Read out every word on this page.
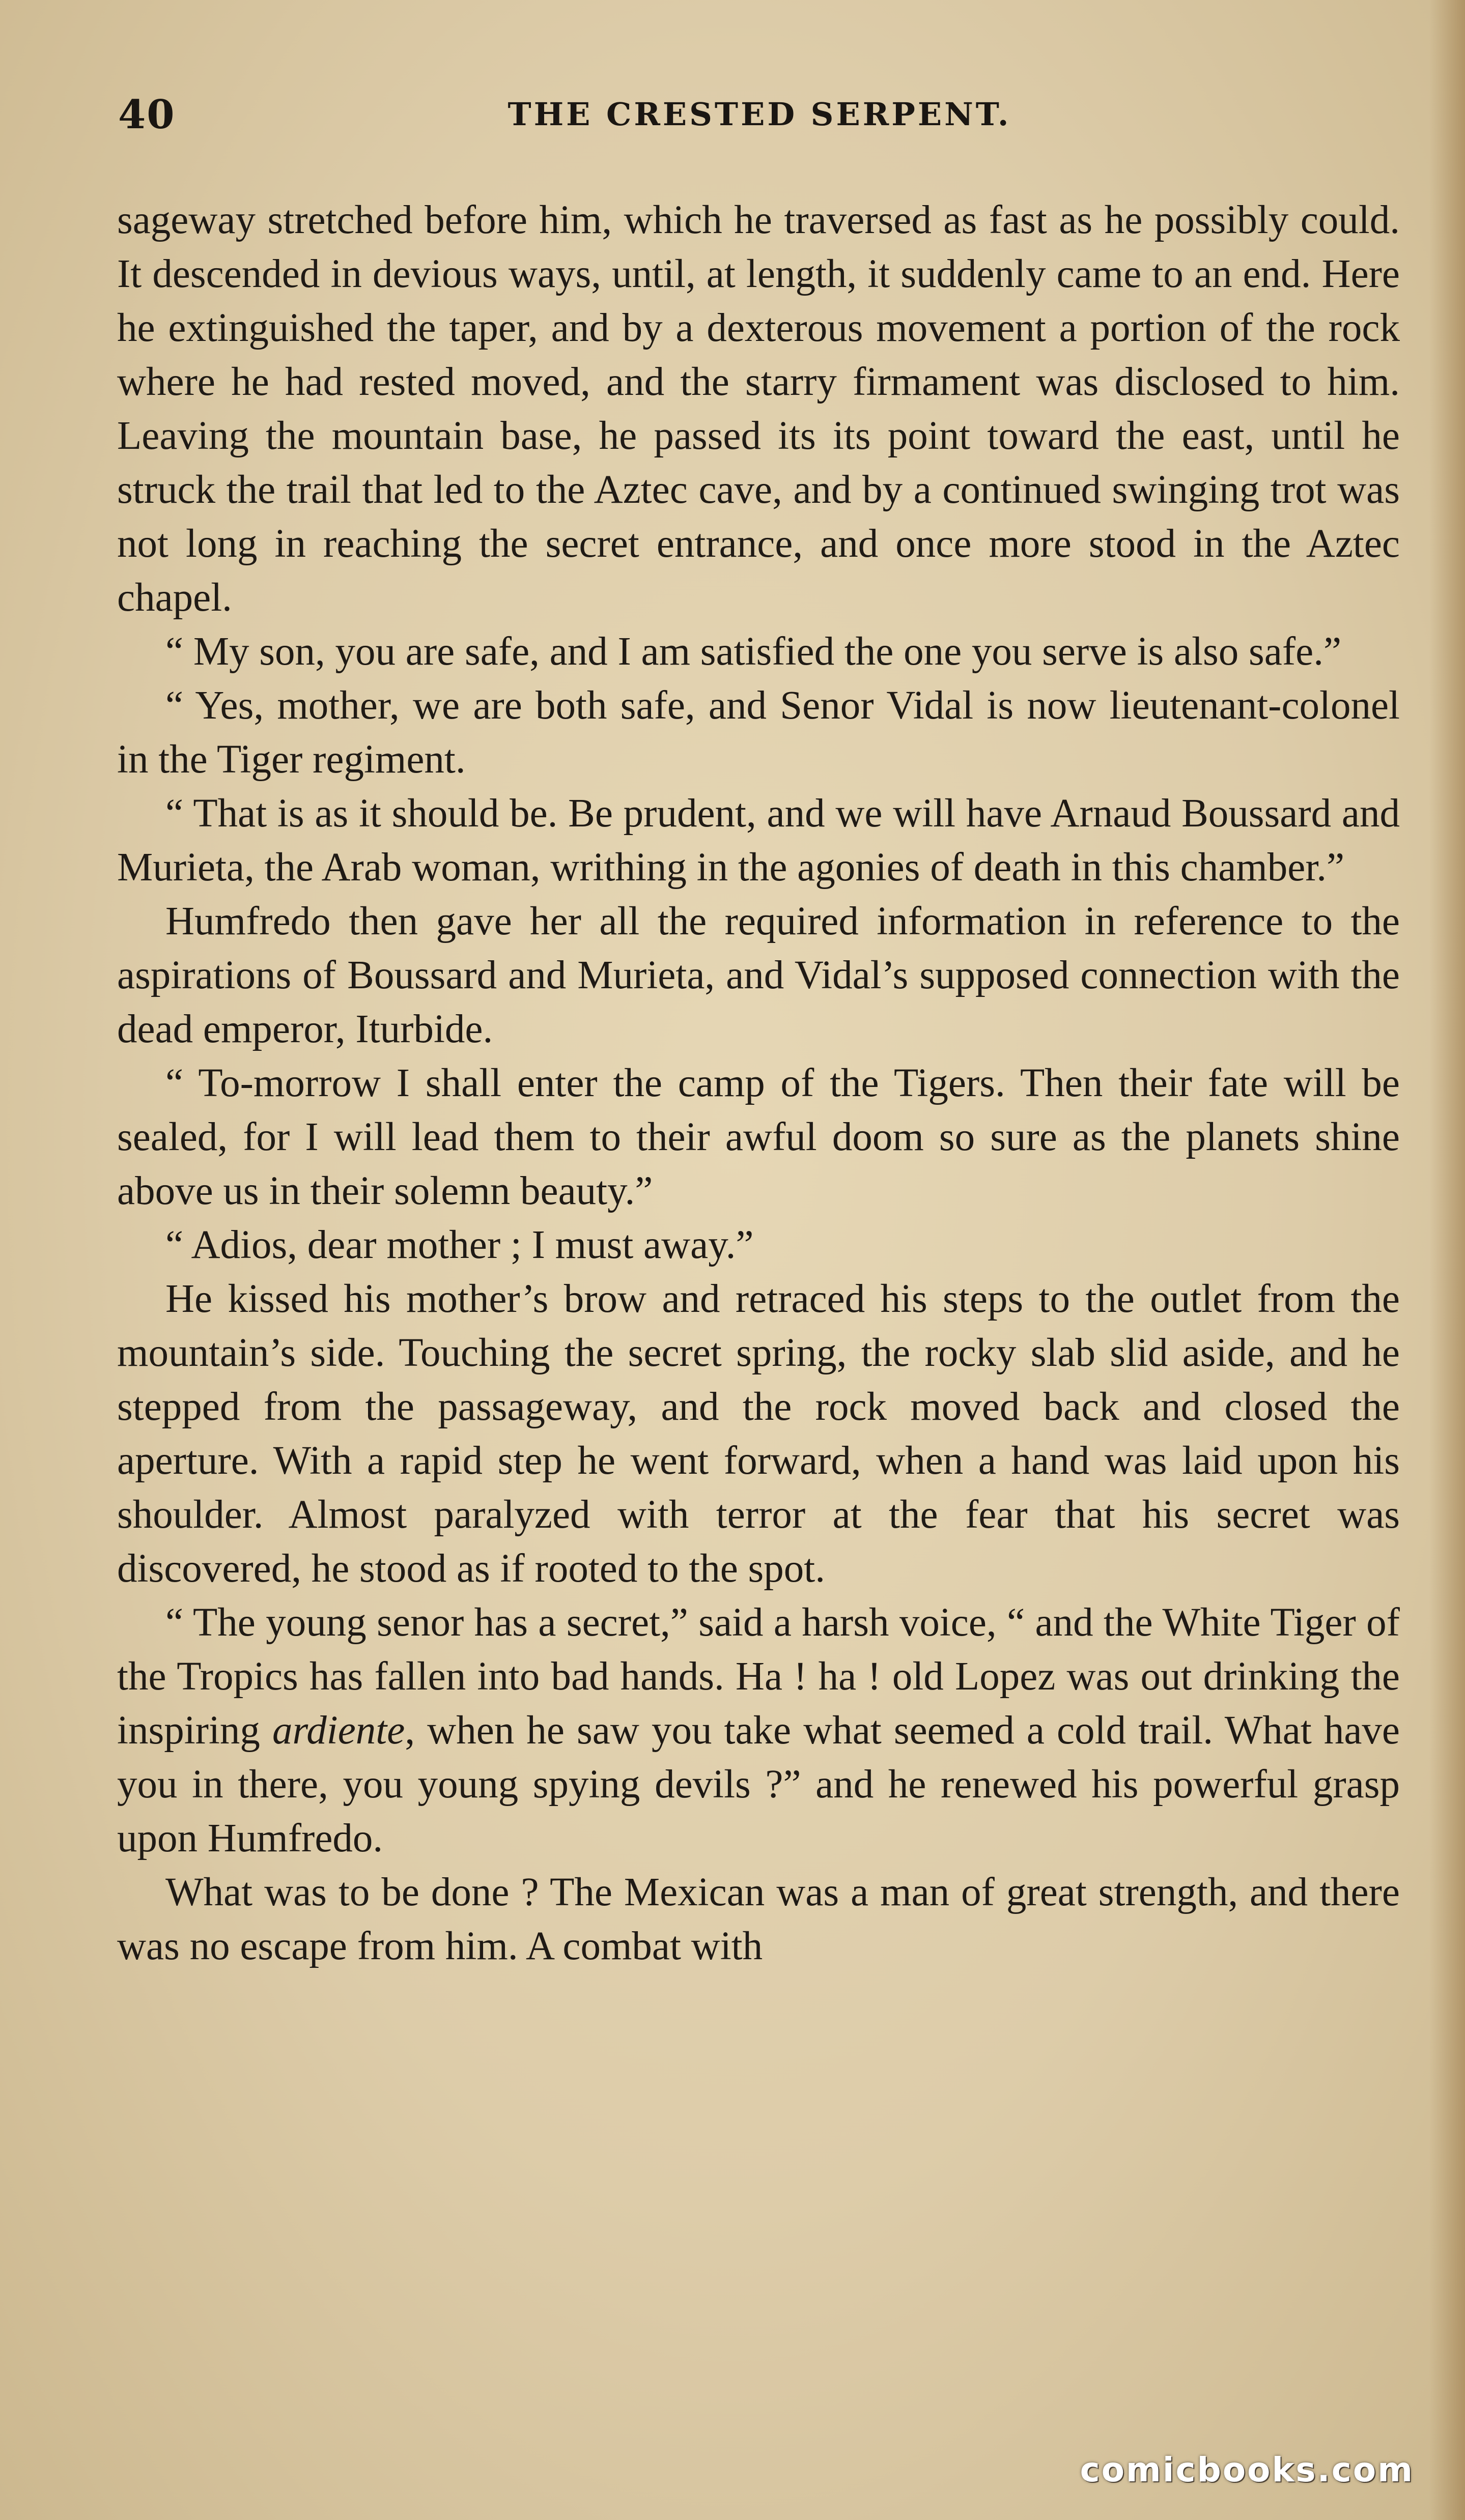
40	THE CRESTED SERPENT.

sageway stretched before him, which he traversed as fast as he possibly could. It descended in devious ways, until, at length, it suddenly came to an end. Here he extinguished the taper, and by a dexterous movement a portion of the rock where he had rested moved, and the starry firmament was disclosed to him. Leaving the mountain base, he passed its its point toward the east, until he struck the trail that led to the Aztec cave, and by a continued swinging trot was not long in reaching the secret entrance, and once more stood in the Aztec chapel.

“ My son, you are safe, and I am satisfied the one you serve is also safe.”

“ Yes, mother, we are both safe, and Senor Vidal is now lieutenant-colonel in the Tiger regiment.

“ That is as it should be. Be prudent, and we will have Arnaud Boussard and Murieta, the Arab woman, writhing in the agonies of death in this chamber.”

Humfredo then gave her all the required information in reference to the aspirations of Boussard and Murieta, and Vidal’s supposed connection with the dead emperor, Iturbide.

“ To-morrow I shall enter the camp of the Tigers. Then their fate will be sealed, for I will lead them to their awful doom so sure as the planets shine above us in their solemn beauty.”

“ Adios, dear mother ; I must away.”

He kissed his mother’s brow and retraced his steps to the outlet from the mountain’s side. Touching the secret spring, the rocky slab slid aside, and he stepped from the passageway, and the rock moved back and closed the aperture. With a rapid step he went forward, when a hand was laid upon his shoulder. Almost paralyzed with terror at the fear that his secret was discovered, he stood as if rooted to the spot.

“ The young senor has a secret,” said a harsh voice, “ and the White Tiger of the Tropics has fallen into bad hands. Ha ! ha ! old Lopez was out drinking the inspiring ardiente, when he saw you take what seemed a cold trail. What have you in there, you young spying devils ?” and he renewed his powerful grasp upon Humfredo.

What was to be done ? The Mexican was a man of great strength, and there was no escape from him. A combat with

comicbooks.com
